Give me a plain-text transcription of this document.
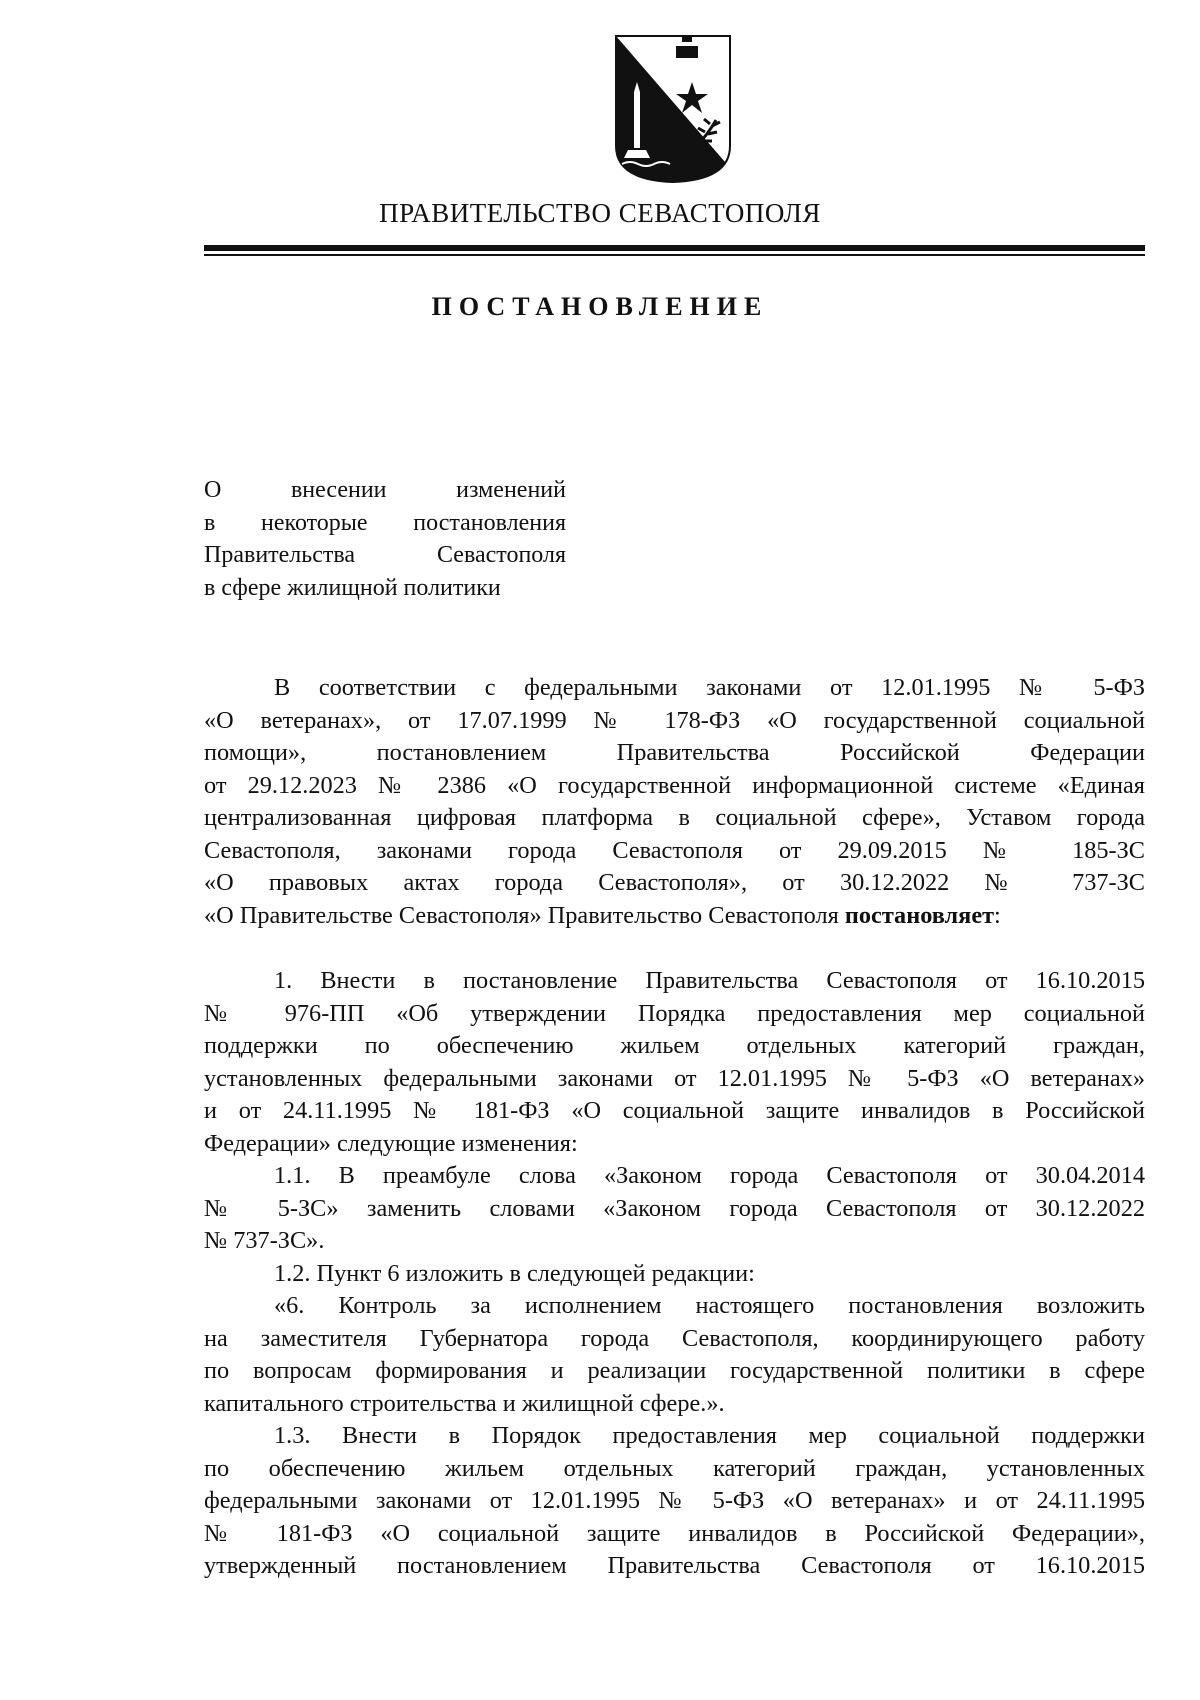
ПРАВИТЕЛЬСТВО СЕВАСТОПОЛЯ
ПОСТАНОВЛЕНИЕ
О внесении изменений
в некоторые постановления
Правительства Севастополя
в сфере жилищной политики
В соответствии с федеральными законами от 12.01.1995 № 5-ФЗ
«О ветеранах», от 17.07.1999 № 178-ФЗ «О государственной социальной
помощи», постановлением Правительства Российской Федерации
от 29.12.2023 № 2386 «О государственной информационной системе «Единая
централизованная цифровая платформа в социальной сфере», Уставом города
Севастополя, законами города Севастополя от 29.09.2015 № 185-ЗС
«О правовых актах города Севастополя», от 30.12.2022 № 737-ЗС
«О Правительстве Севастополя» Правительство Севастополя постановляет:
1. Внести в постановление Правительства Севастополя от 16.10.2015
№ 976-ПП «Об утверждении Порядка предоставления мер социальной
поддержки по обеспечению жильем отдельных категорий граждан,
установленных федеральными законами от 12.01.1995 № 5-ФЗ «О ветеранах»
и от 24.11.1995 № 181-ФЗ «О социальной защите инвалидов в Российской
Федерации» следующие изменения:
1.1. В преамбуле слова «Законом города Севастополя от 30.04.2014
№ 5-ЗС» заменить словами «Законом города Севастополя от 30.12.2022
№ 737-ЗС».
1.2. Пункт 6 изложить в следующей редакции:
«6. Контроль за исполнением настоящего постановления возложить
на заместителя Губернатора города Севастополя, координирующего работу
по вопросам формирования и реализации государственной политики в сфере
капитального строительства и жилищной сфере.».
1.3. Внести в Порядок предоставления мер социальной поддержки
по обеспечению жильем отдельных категорий граждан, установленных
федеральными законами от 12.01.1995 № 5-ФЗ «О ветеранах» и от 24.11.1995
№ 181-ФЗ «О социальной защите инвалидов в Российской Федерации»,
утвержденный постановлением Правительства Севастополя от 16.10.2015
